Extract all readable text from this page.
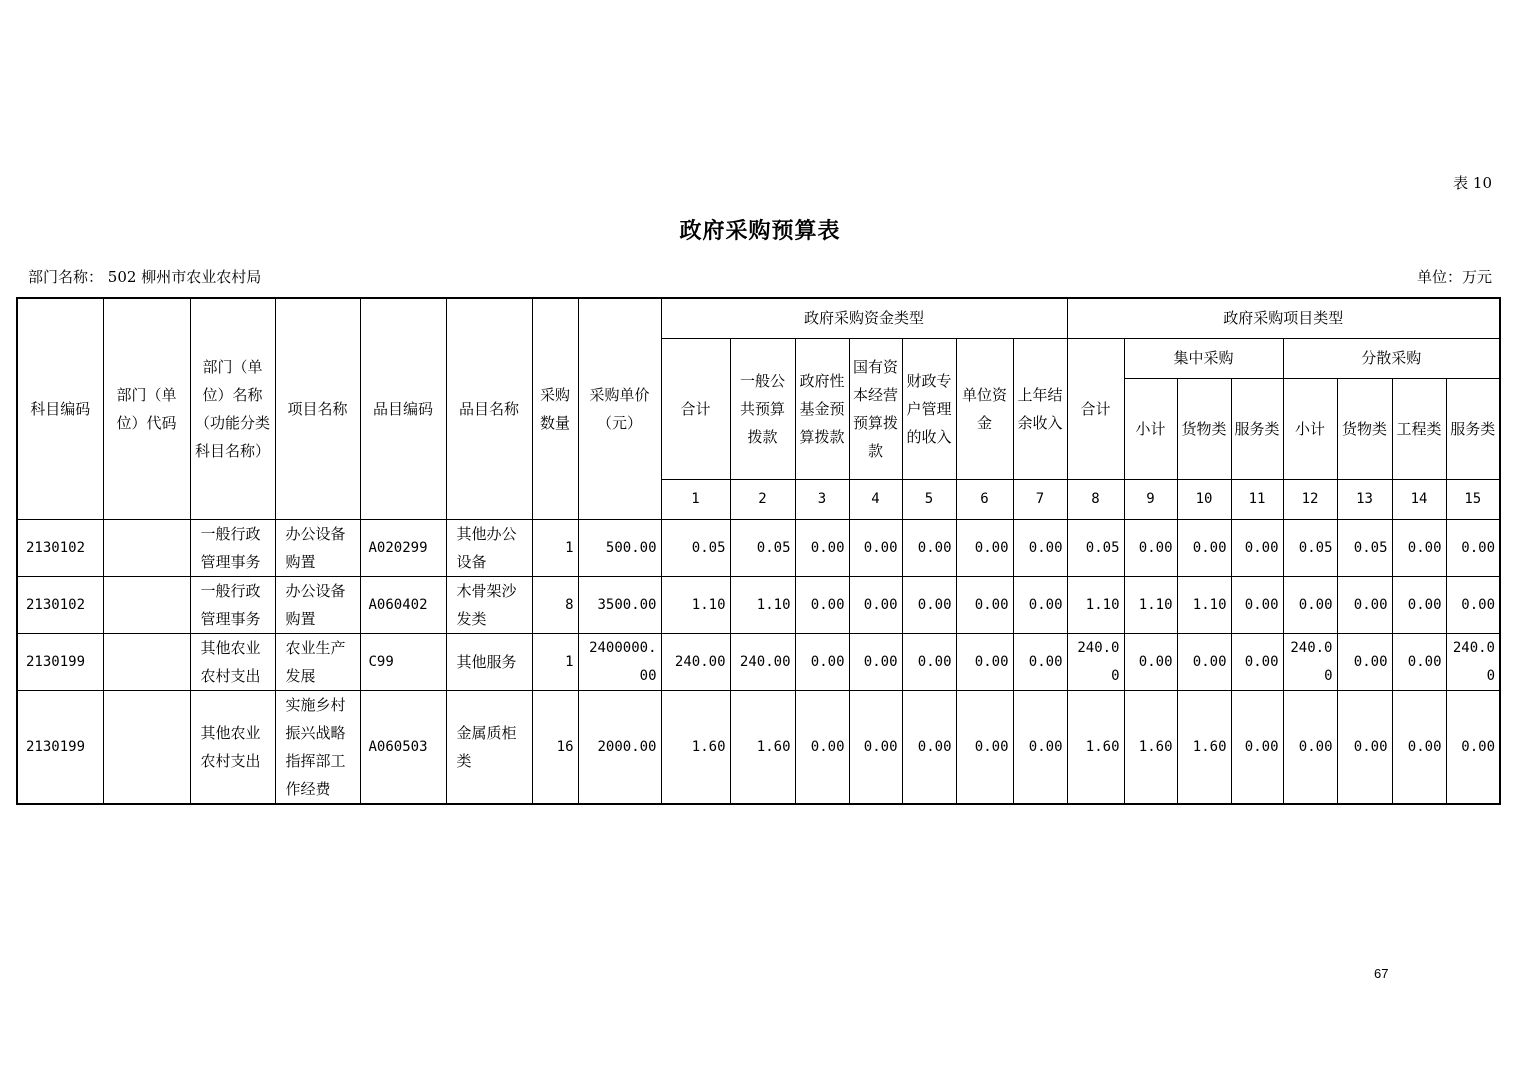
表 10
政府采购预算表
部门名称： 502 柳州市农业农村局	单位：万元
科目编码	部门（单位）代码	部门（单位）名称（功能分类科目名称）	项目名称	品目编码	品目名称	采购数量	采购单价（元）	政府采购资金类型							政府采购项目类型							
								合计	一般公共预算拨款	政府性基金预算拨款	国有资本经营预算拨款	财政专户管理的收入	单位资金	上年结余收入	合计	集中采购			分散采购			
																小计	货物类	服务类	小计	货物类	工程类	服务类
								1	2	3	4	5	6	7	8	9	10	11	12	13	14	15
2130102		一般行政管理事务	办公设备购置	A020299	其他办公设备	1	500.00	0.05	0.05	0.00	0.00	0.00	0.00	0.00	0.05	0.00	0.00	0.00	0.05	0.05	0.00	0.00
2130102		一般行政管理事务	办公设备购置	A060402	木骨架沙发类	8	3500.00	1.10	1.10	0.00	0.00	0.00	0.00	0.00	1.10	1.10	1.10	0.00	0.00	0.00	0.00	0.00
2130199		其他农业农村支出	农业生产发展	C99	其他服务	1	2400000.00	240.00	240.00	0.00	0.00	0.00	0.00	0.00	240.00	0.00	0.00	0.00	240.00	0.00	0.00	240.00
2130199		其他农业农村支出	实施乡村振兴战略指挥部工作经费	A060503	金属质柜类	16	2000.00	1.60	1.60	0.00	0.00	0.00	0.00	0.00	1.60	1.60	1.60	0.00	0.00	0.00	0.00	0.00
67
